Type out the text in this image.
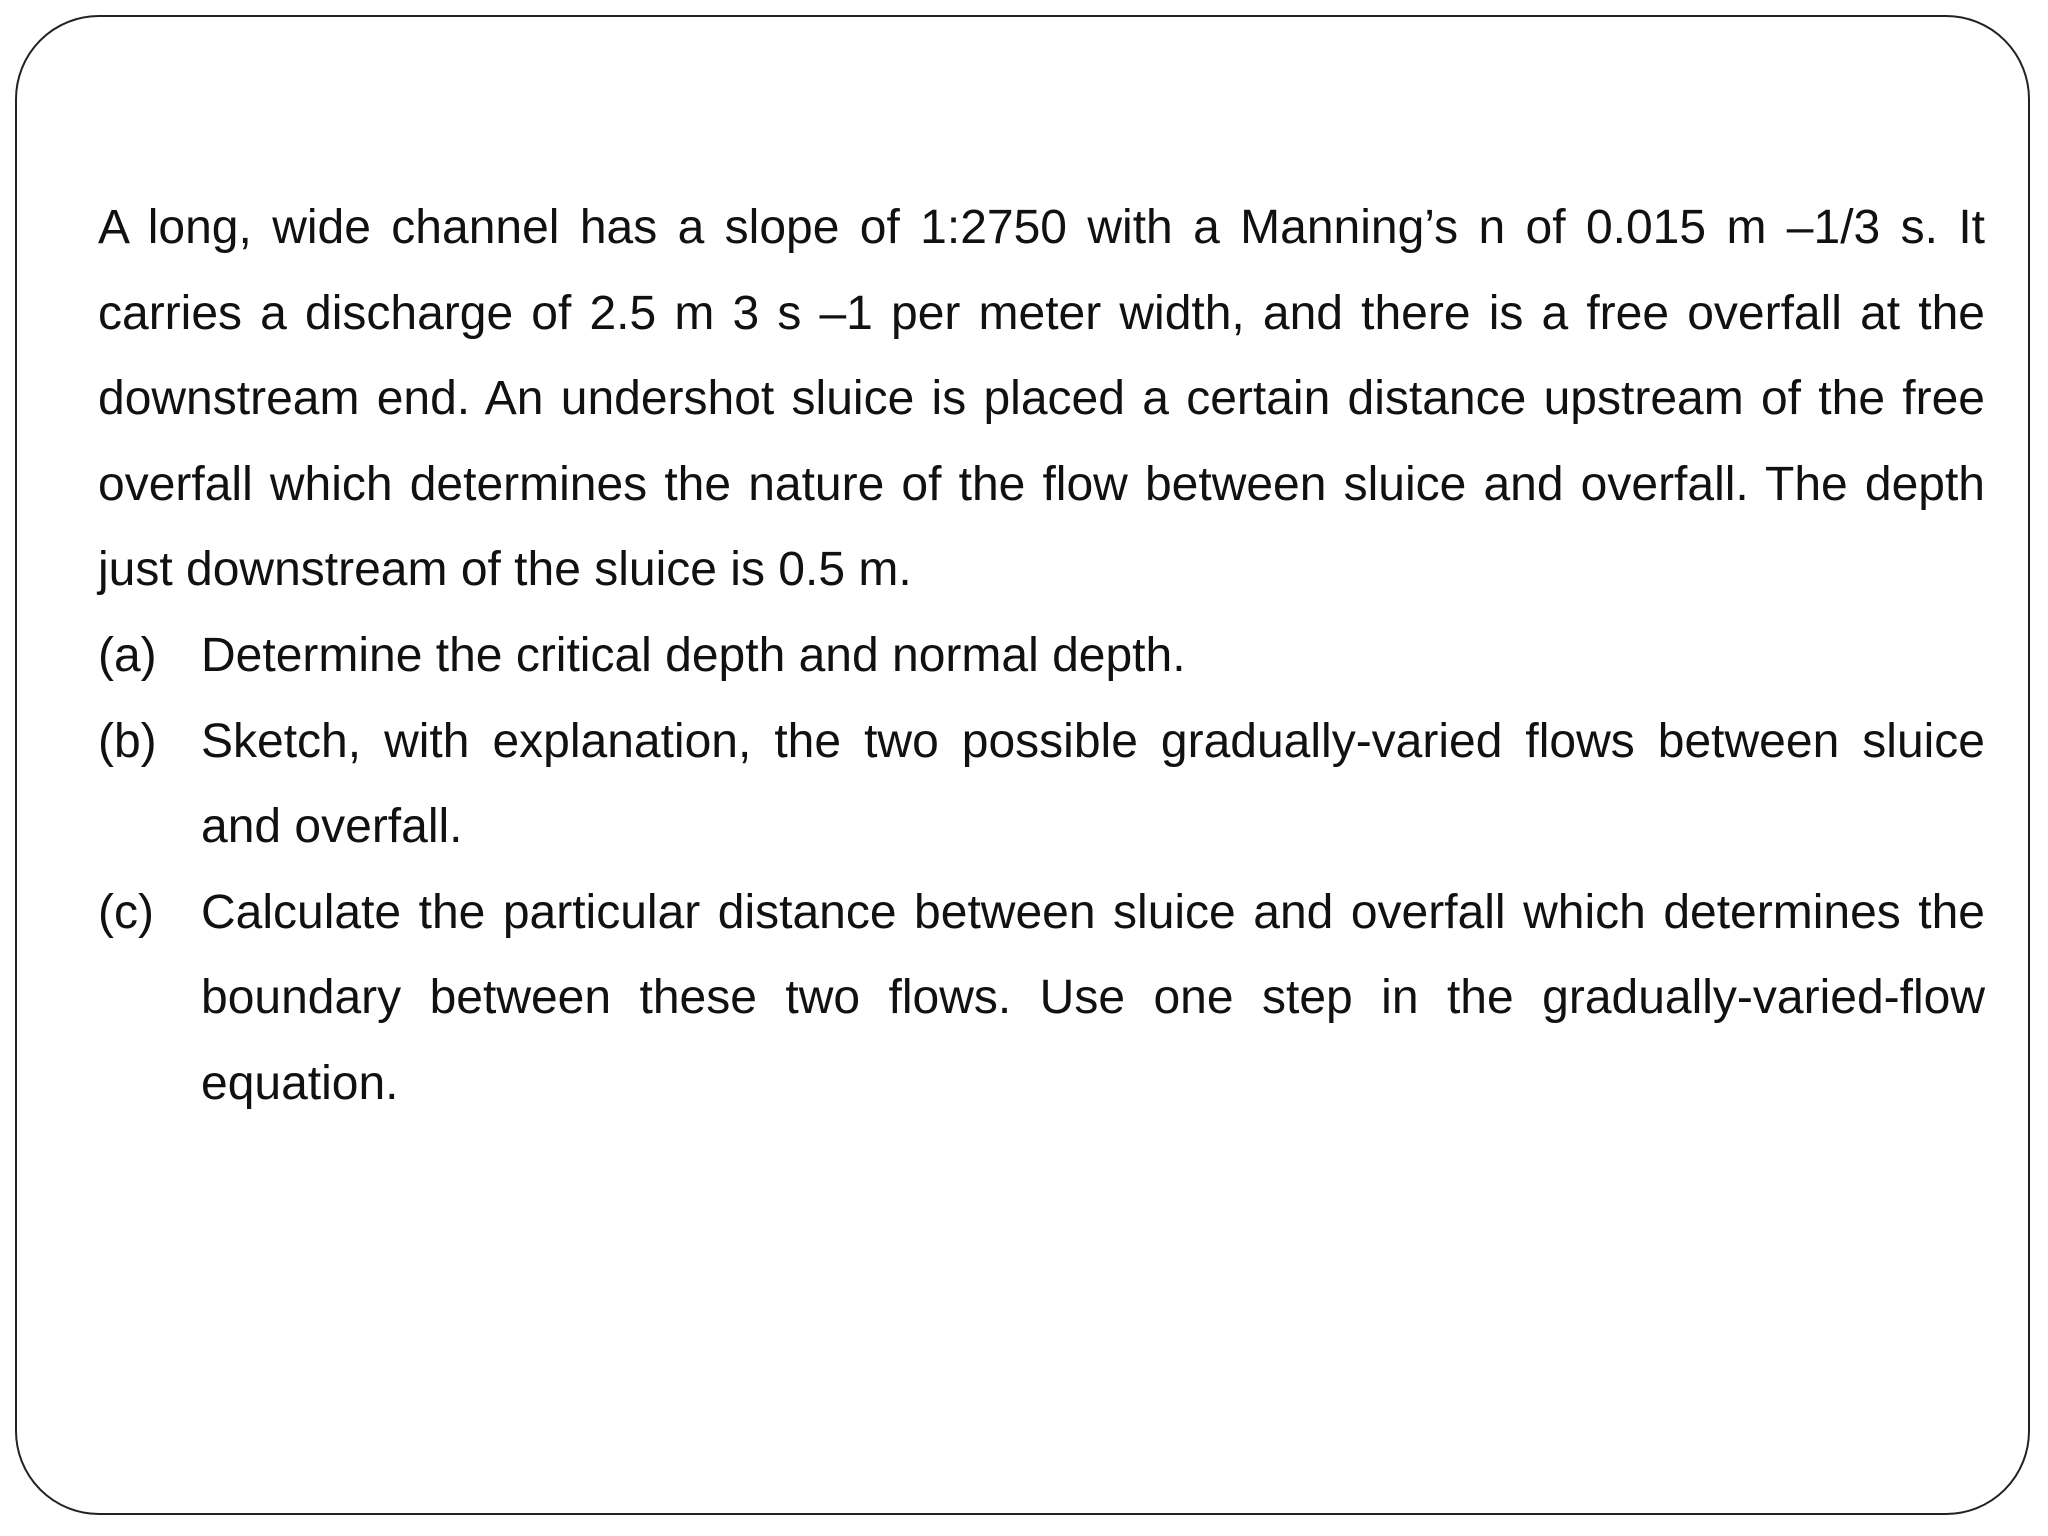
A long, wide channel has a slope of 1:2750 with a Manning’s n of 0.015 m –1/3 s. It carries a discharge of 2.5 m 3 s –1 per meter width, and there is a free overfall at the downstream end. An undershot sluice is placed a certain distance upstream of the free overfall which determines the nature of the flow between sluice and overfall. The depth just downstream of the sluice is 0.5 m.

(a) Determine the critical depth and normal depth.
(b) Sketch, with explanation, the two possible gradually-varied flows between sluice and overfall.
(c) Calculate the particular distance between sluice and overfall which determines the boundary between these two flows. Use one step in the gradually-varied-flow equation.
